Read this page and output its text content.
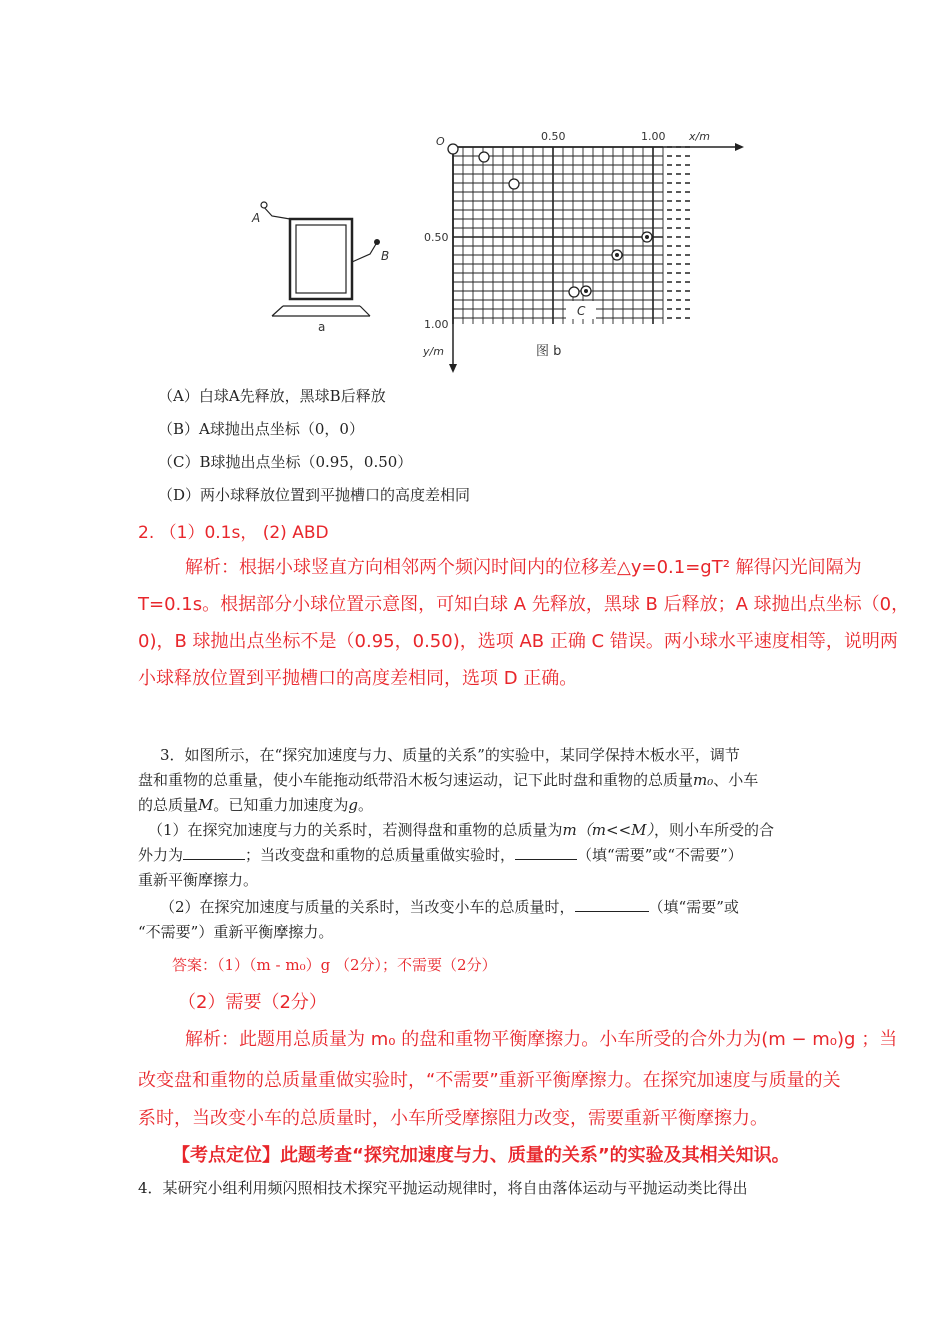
A
B
a
O	0.50	1.00 x/m
0.50
1.00
y/m	图 b
C
（A）白球A先释放，黑球B后释放
（B）A球抛出点坐标（0，0）
（C）B球抛出点坐标（0.95，0.50）
（D）两小球释放位置到平抛槽口的高度差相同
2. （1）0.1s， (2) ABD
解析：根据小球竖直方向相邻两个频闪时间内的位移差△y=0.1=gT² 解得闪光间隔为
T=0.1s。根据部分小球位置示意图，可知白球 A 先释放，黑球 B 后释放；A 球抛出点坐标（0，
0)，B 球抛出点坐标不是（0.95，0.50)，选项 AB 正确 C 错误。两小球水平速度相等，说明两
小球释放位置到平抛槽口的高度差相同，选项 D 正确。
3．如图所示，在“探究加速度与力、质量的关系”的实验中，某同学保持木板水平，调节
盘和重物的总重量，使小车能拖动纸带沿木板匀速运动，记下此时盘和重物的总质量m₀、小车
的总质量M。已知重力加速度为g。
（1）在探究加速度与力的关系时，若测得盘和重物的总质量为m（m<<M），则小车所受的合
外力为	；当改变盘和重物的总质量重做实验时，	（填“需要”或“不需要”）
重新平衡摩擦力。
（2）在探究加速度与质量的关系时，当改变小车的总质量时，	（填“需要”或
“不需要”）重新平衡摩擦力。
答案：（1）（m - m₀）g （2分）；不需要（2分）
（2）需要（2分）
解析：此题用总质量为 m₀ 的盘和重物平衡摩擦力。小车所受的合外力为(m − m₀)g ；当
改变盘和重物的总质量重做实验时，“不需要”重新平衡摩擦力。在探究加速度与质量的关
系时，当改变小车的总质量时，小车所受摩擦阻力改变，需要重新平衡摩擦力。
【考点定位】此题考查“探究加速度与力、质量的关系”的实验及其相关知识。
4．某研究小组利用频闪照相技术探究平抛运动规律时，将自由落体运动与平抛运动类比得出
